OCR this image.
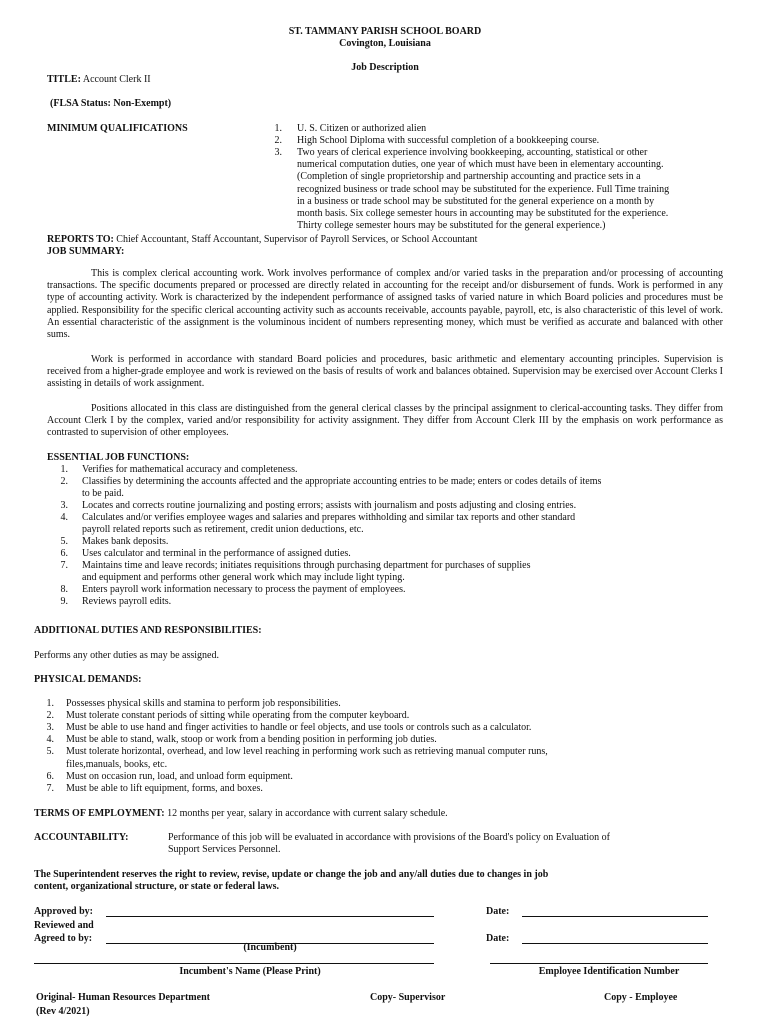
ST. TAMMANY PARISH SCHOOL BOARD
Covington, Louisiana
Job Description
TITLE: Account Clerk II
(FLSA Status: Non-Exempt)
MINIMUM QUALIFICATIONS	1. U. S. Citizen or authorized alien
2. High School Diploma with successful completion of a bookkeeping course.
3. Two years of clerical experience involving bookkeeping, accounting, statistical or other
numerical computation duties, one year of which must have been in elementary accounting.
(Completion of single proprietorship and partnership accounting and practice sets in a
recognized business or trade school may be substituted for the experience. Full Time training
in a business or trade school may be substituted for the general experience on a month by
month basis. Six college semester hours in accounting may be substituted for the experience.
Thirty college semester hours may be substituted for the general experience.)
REPORTS TO: Chief Accountant, Staff Accountant, Supervisor of Payroll Services, or School Accountant
JOB SUMMARY:
This is complex clerical accounting work. Work involves performance of complex and/or varied tasks in the preparation and/or processing of accounting transactions. The specific documents prepared or processed are directly related in accounting for the receipt and/or disbursement of funds. Work is performed in any type of accounting activity. Work is characterized by the independent performance of assigned tasks of varied nature in which Board policies and procedures must be applied. Responsibility for the specific clerical accounting activity such as accounts receivable, accounts payable, payroll, etc, is also characteristic of this level of work. An essential characteristic of the assignment is the voluminous incident of numbers representing money, which must be verified as accurate and balanced with other sums.
Work is performed in accordance with standard Board policies and procedures, basic arithmetic and elementary accounting principles. Supervision is received from a higher-grade employee and work is reviewed on the basis of results of work and balances obtained. Supervision may be exercised over Account Clerks I assisting in details of work assignment.
Positions allocated in this class are distinguished from the general clerical classes by the principal assignment to clerical-accounting tasks. They differ from Account Clerk I by the complex, varied and/or responsibility for activity assignment. They differ from Account Clerk III by the emphasis on work performance as contrasted to supervision of other employees.
ESSENTIAL JOB FUNCTIONS:
1. Verifies for mathematical accuracy and completeness.
2. Classifies by determining the accounts affected and the appropriate accounting entries to be made; enters or codes details of items
to be paid.
3. Locates and corrects routine journalizing and posting errors; assists with journalism and posts adjusting and closing entries.
4. Calculates and/or verifies employee wages and salaries and prepares withholding and similar tax reports and other standard
payroll related reports such as retirement, credit union deductions, etc.
5. Makes bank deposits.
6. Uses calculator and terminal in the performance of assigned duties.
7. Maintains time and leave records; initiates requisitions through purchasing department for purchases of supplies
and equipment and performs other general work which may include light typing.
8. Enters payroll work information necessary to process the payment of employees.
9. Reviews payroll edits.
ADDITIONAL DUTIES AND RESPONSIBILITIES:
Performs any other duties as may be assigned.
PHYSICAL DEMANDS:
1. Possesses physical skills and stamina to perform job responsibilities.
2. Must tolerate constant periods of sitting while operating from the computer keyboard.
3. Must be able to use hand and finger activities to handle or feel objects, and use tools or controls such as a calculator.
4. Must be able to stand, walk, stoop or work from a bending position in performing job duties.
5. Must tolerate horizontal, overhead, and low level reaching in performing work such as retrieving manual computer runs,
files,manuals, books, etc.
6. Must on occasion run, load, and unload form equipment.
7. Must be able to lift equipment, forms, and boxes.
TERMS OF EMPLOYMENT: 12 months per year, salary in accordance with current salary schedule.
ACCOUNTABILITY:	Performance of this job will be evaluated in accordance with provisions of the Board's policy on Evaluation of
Support Services Personnel.
The Superintendent reserves the right to review, revise, update or change the job and any/all duties due to changes in job
content, organizational structure, or state or federal laws.
Approved by:	Date:
Reviewed and
Agreed to by:	Date:
(Incumbent)
Incumbent's Name (Please Print)	Employee Identification Number
Original- Human Resources Department	Copy- Supervisor	Copy - Employee
(Rev 4/2021)
